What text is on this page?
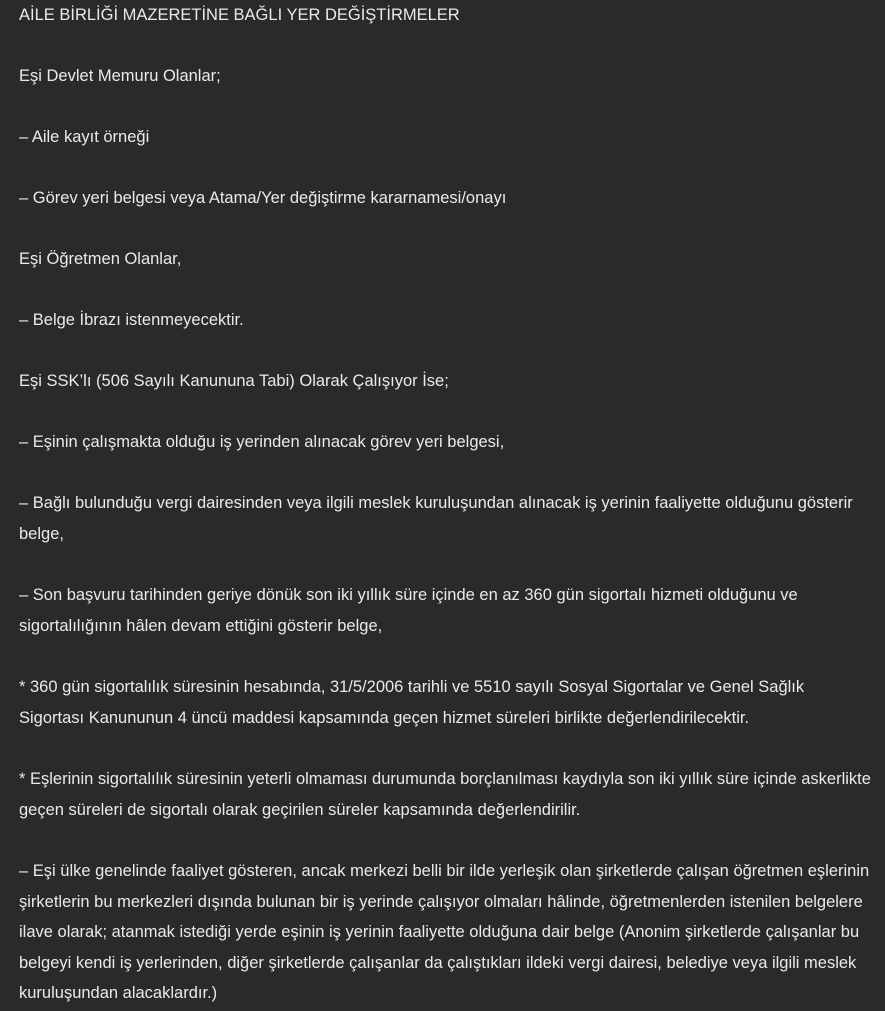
AİLE BİRLİĞİ MAZERETİNE BAĞLI YER DEĞİŞTİRMELER

Eşi Devlet Memuru Olanlar;

– Aile kayıt örneği

– Görev yeri belgesi veya Atama/Yer değiştirme kararnamesi/onayı

Eşi Öğretmen Olanlar,

– Belge İbrazı istenmeyecektir.

Eşi SSK’lı (506 Sayılı Kanununa Tabi) Olarak Çalışıyor İse;

– Eşinin çalışmakta olduğu iş yerinden alınacak görev yeri belgesi,

– Bağlı bulunduğu vergi dairesinden veya ilgili meslek kuruluşundan alınacak iş yerinin faaliyette olduğunu gösterir belge,

– Son başvuru tarihinden geriye dönük son iki yıllık süre içinde en az 360 gün sigortalı hizmeti olduğunu ve sigortalılığının hâlen devam ettiğini gösterir belge,

* 360 gün sigortalılık süresinin hesabında, 31/5/2006 tarihli ve 5510 sayılı Sosyal Sigortalar ve Genel Sağlık Sigortası Kanununun 4 üncü maddesi kapsamında geçen hizmet süreleri birlikte değerlendirilecektir.

* Eşlerinin sigortalılık süresinin yeterli olmaması durumunda borçlanılması kaydıyla son iki yıllık süre içinde askerlikte geçen süreleri de sigortalı olarak geçirilen süreler kapsamında değerlendirilir.

– Eşi ülke genelinde faaliyet gösteren, ancak merkezi belli bir ilde yerleşik olan şirketlerde çalışan öğretmen eşlerinin şirketlerin bu merkezleri dışında bulunan bir iş yerinde çalışıyor olmaları hâlinde, öğretmenlerden istenilen belgelere ilave olarak; atanmak istediği yerde eşinin iş yerinin faaliyette olduğuna dair belge (Anonim şirketlerde çalışanlar bu belgeyi kendi iş yerlerinden, diğer şirketlerde çalışanlar da çalıştıkları ildeki vergi dairesi, belediye veya ilgili meslek kuruluşundan alacaklardır.)
